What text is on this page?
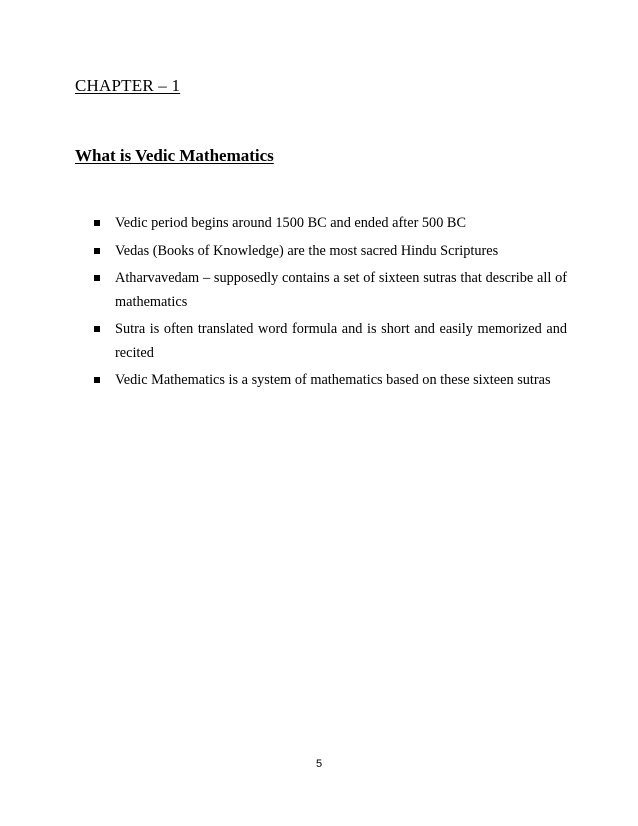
CHAPTER – 1
What is Vedic Mathematics
Vedic period begins around 1500 BC and ended after 500 BC
Vedas (Books of Knowledge) are the most sacred Hindu Scriptures
Atharvavedam – supposedly contains a set of sixteen sutras that describe all of mathematics
Sutra is often translated word formula and is short and easily memorized and recited
Vedic Mathematics is a system of mathematics based on these sixteen sutras
5
